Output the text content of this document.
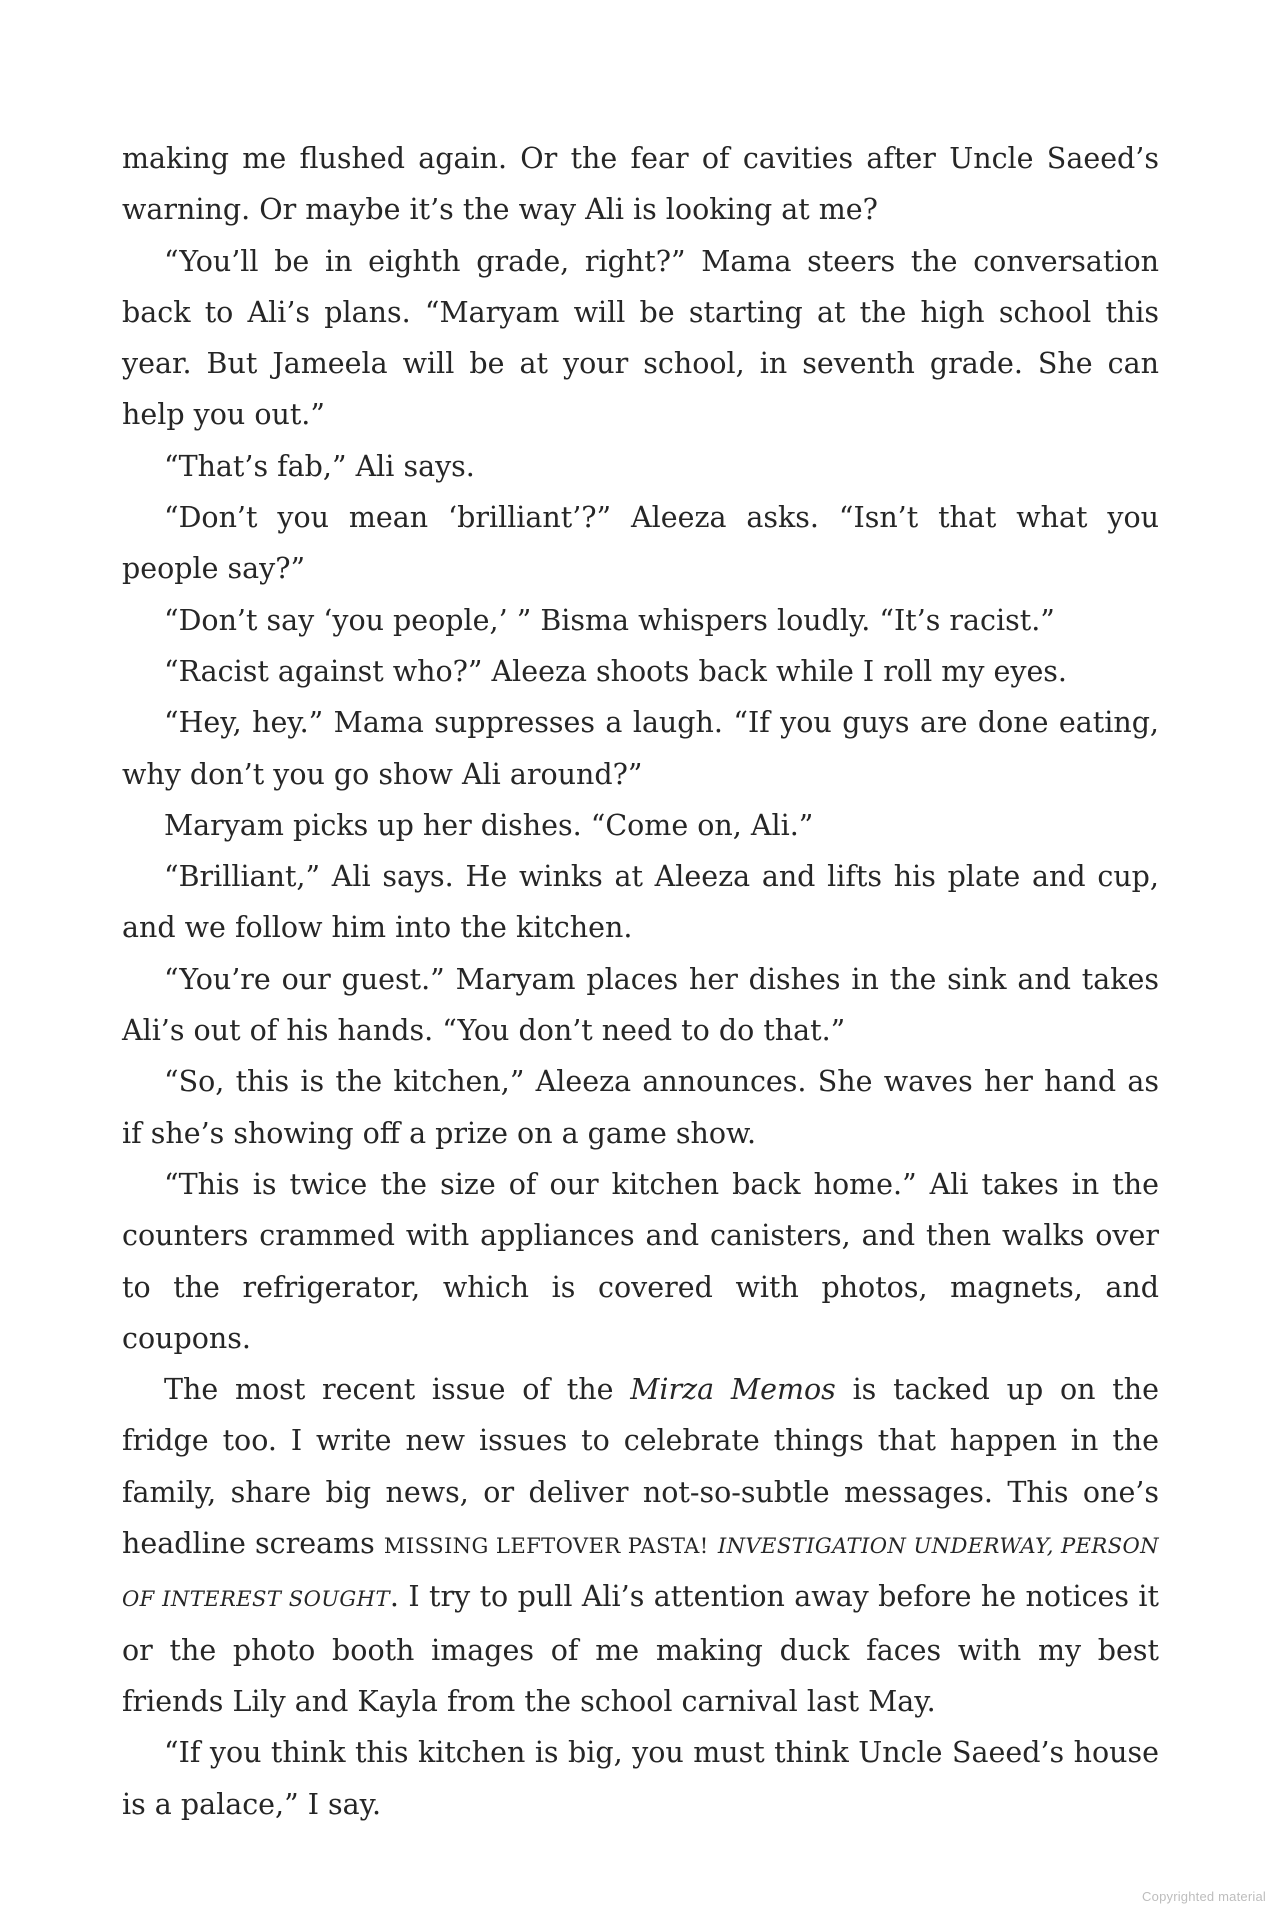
making me flushed again. Or the fear of cavities after Uncle Saeed’s warning. Or maybe it’s the way Ali is looking at me?

“You’ll be in eighth grade, right?” Mama steers the conversation back to Ali’s plans. “Maryam will be starting at the high school this year. But Jameela will be at your school, in seventh grade. She can help you out.”

“That’s fab,” Ali says.

“Don’t you mean ‘brilliant’?” Aleeza asks. “Isn’t that what you people say?”

“Don’t say ‘you people,’ ” Bisma whispers loudly. “It’s racist.”

“Racist against who?” Aleeza shoots back while I roll my eyes.

“Hey, hey.” Mama suppresses a laugh. “If you guys are done eating, why don’t you go show Ali around?”

Maryam picks up her dishes. “Come on, Ali.”

“Brilliant,” Ali says. He winks at Aleeza and lifts his plate and cup, and we follow him into the kitchen.

“You’re our guest.” Maryam places her dishes in the sink and takes Ali’s out of his hands. “You don’t need to do that.”

“So, this is the kitchen,” Aleeza announces. She waves her hand as if she’s showing off a prize on a game show.

“This is twice the size of our kitchen back home.” Ali takes in the counters crammed with appliances and canisters, and then walks over to the refrigerator, which is covered with photos, magnets, and coupons.

The most recent issue of the Mirza Memos is tacked up on the fridge too. I write new issues to celebrate things that happen in the family, share big news, or deliver not-so-subtle messages. This one’s headline screams MISSING LEFTOVER PASTA! INVESTIGATION UNDERWAY, PERSON OF INTEREST SOUGHT. I try to pull Ali’s attention away before he notices it or the photo booth images of me making duck faces with my best friends Lily and Kayla from the school carnival last May.

“If you think this kitchen is big, you must think Uncle Saeed’s house is a palace,” I say.

Copyrighted material
